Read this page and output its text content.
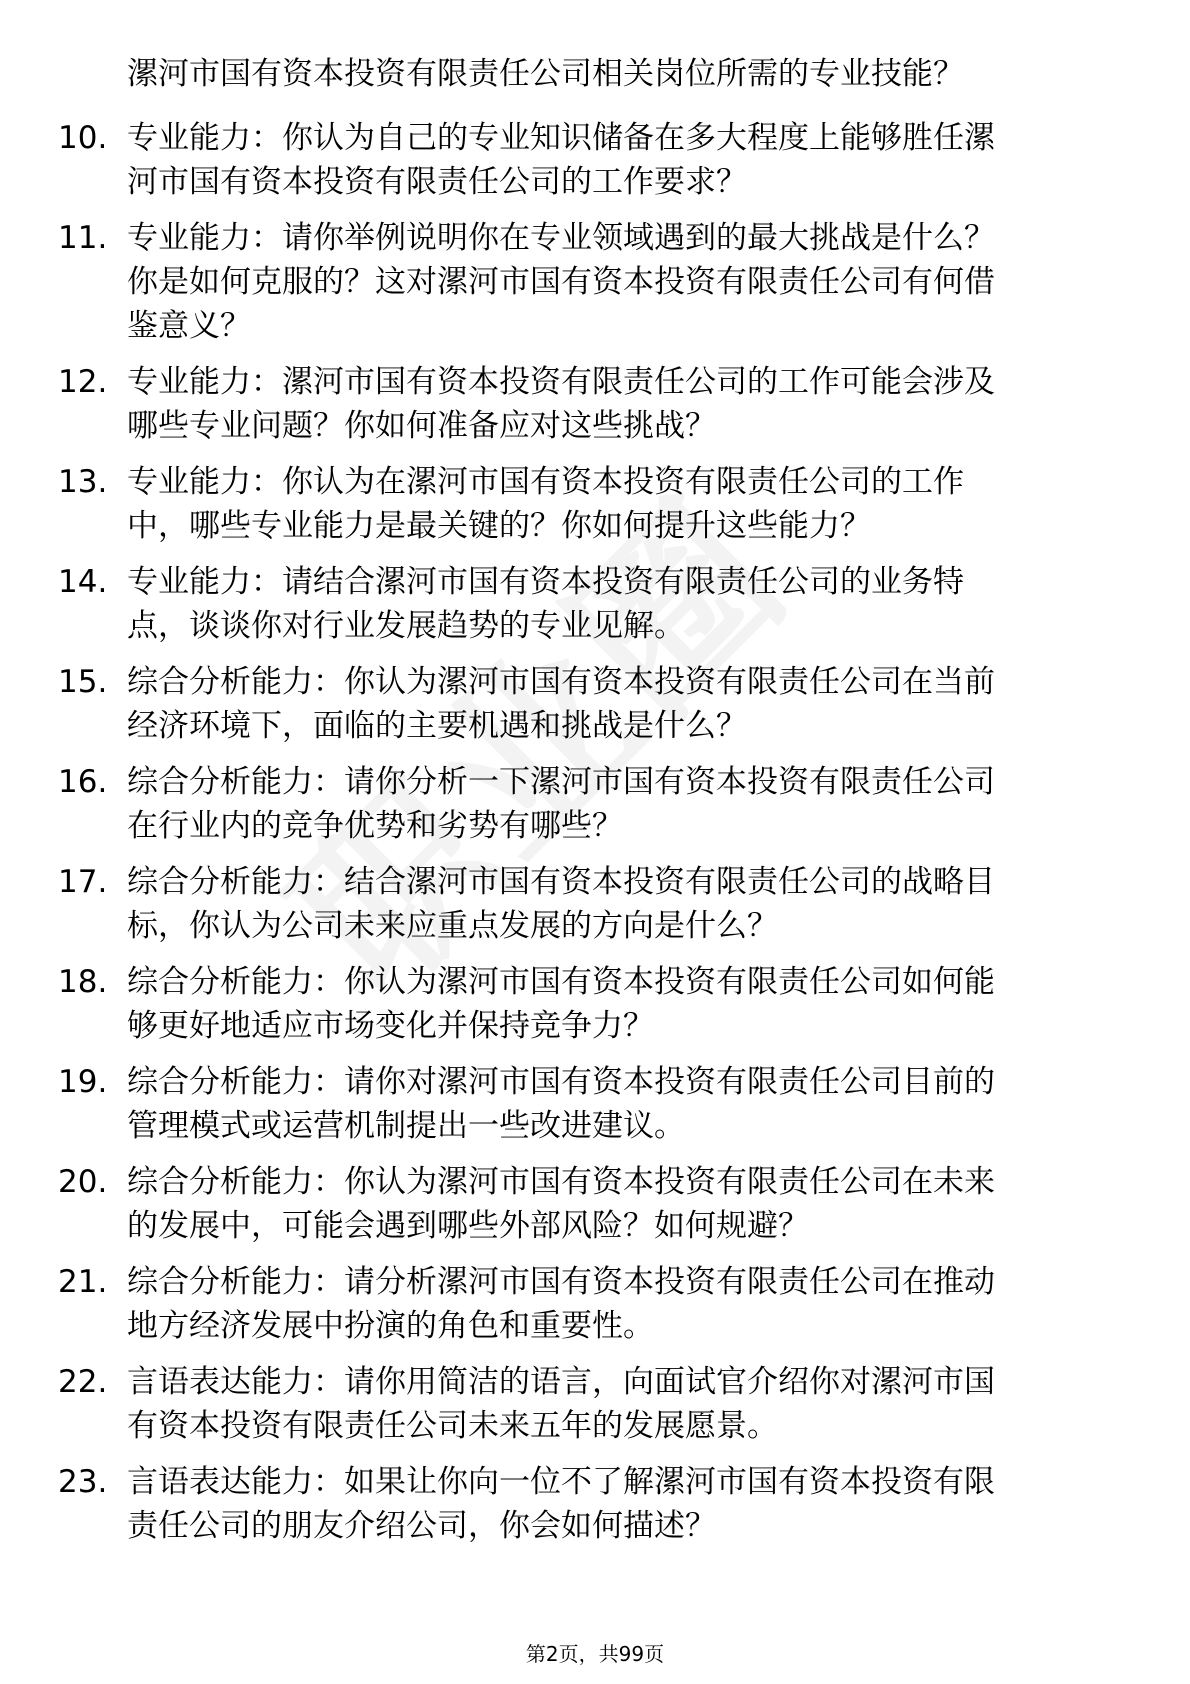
漯河市国有资本投资有限责任公司相关岗位所需的专业技能？
10. 专业能力：你认为自己的专业知识储备在多大程度上能够胜任漯
河市国有资本投资有限责任公司的工作要求？
11. 专业能力：请你举例说明你在专业领域遇到的最大挑战是什么？
你是如何克服的？这对漯河市国有资本投资有限责任公司有何借
鉴意义？
12. 专业能力：漯河市国有资本投资有限责任公司的工作可能会涉及
哪些专业问题？你如何准备应对这些挑战？
13. 专业能力：你认为在漯河市国有资本投资有限责任公司的工作
中，哪些专业能力是最关键的？你如何提升这些能力？
14. 专业能力：请结合漯河市国有资本投资有限责任公司的业务特
点，谈谈你对行业发展趋势的专业见解。
15. 综合分析能力：你认为漯河市国有资本投资有限责任公司在当前
经济环境下，面临的主要机遇和挑战是什么？
16. 综合分析能力：请你分析一下漯河市国有资本投资有限责任公司
在行业内的竞争优势和劣势有哪些？
17. 综合分析能力：结合漯河市国有资本投资有限责任公司的战略目
标，你认为公司未来应重点发展的方向是什么？
18. 综合分析能力：你认为漯河市国有资本投资有限责任公司如何能
够更好地适应市场变化并保持竞争力？
19. 综合分析能力：请你对漯河市国有资本投资有限责任公司目前的
管理模式或运营机制提出一些改进建议。
20. 综合分析能力：你认为漯河市国有资本投资有限责任公司在未来
的发展中，可能会遇到哪些外部风险？如何规避？
21. 综合分析能力：请分析漯河市国有资本投资有限责任公司在推动
地方经济发展中扮演的角色和重要性。
22. 言语表达能力：请你用简洁的语言，向面试官介绍你对漯河市国
有资本投资有限责任公司未来五年的发展愿景。
23. 言语表达能力：如果让你向一位不了解漯河市国有资本投资有限
责任公司的朋友介绍公司，你会如何描述？
第2页，共99页
